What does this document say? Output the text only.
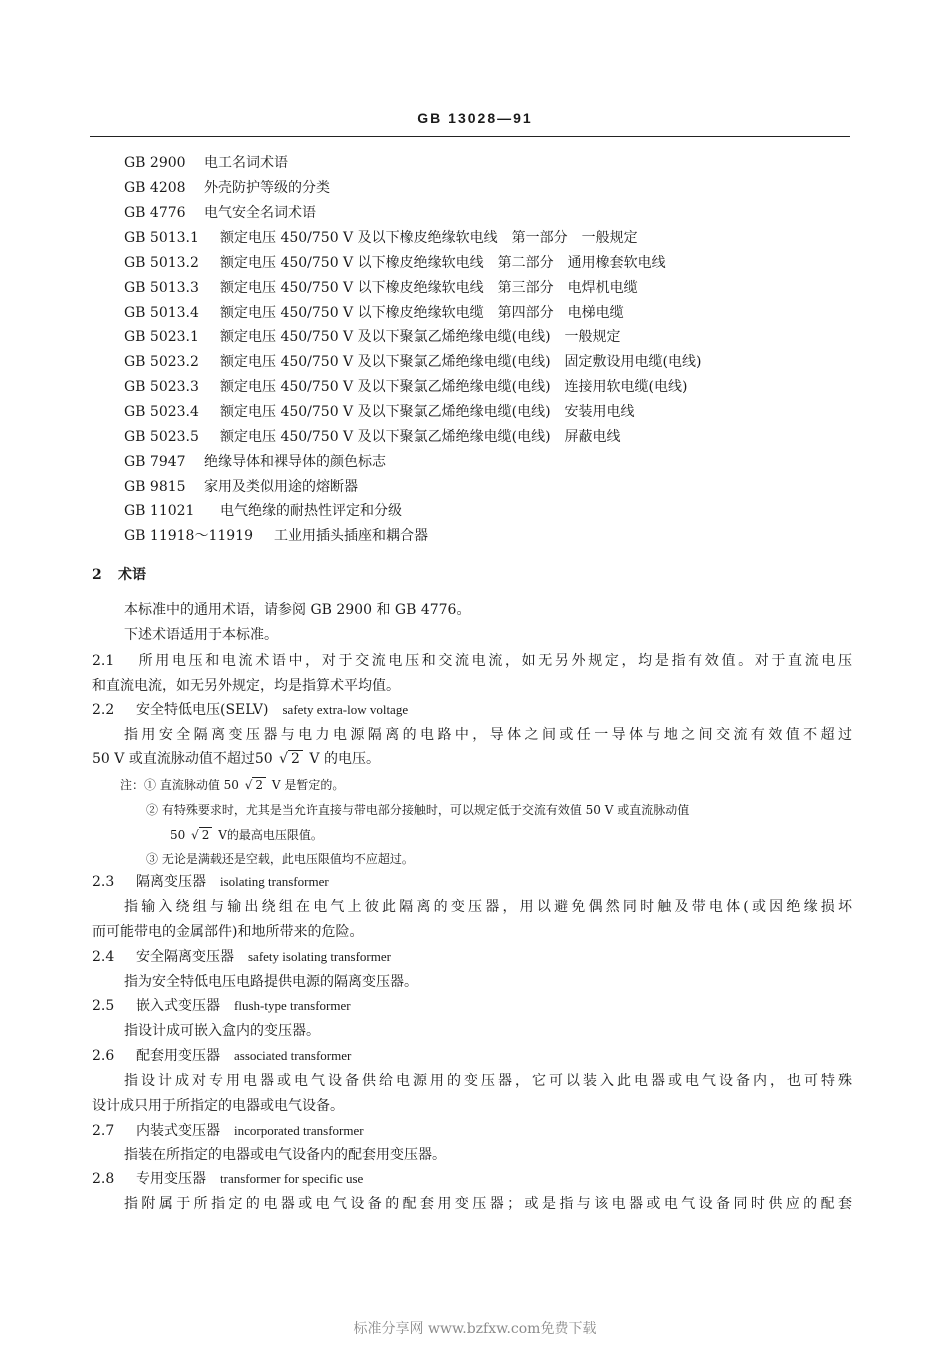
GB 13028—91
GB 2900 电工名词术语
GB 4208 外壳防护等级的分类
GB 4776 电气安全名词术语
GB 5013.1 额定电压 450/750 V 及以下橡皮绝缘软电线　第一部分　一般规定
GB 5013.2 额定电压 450/750 V 以下橡皮绝缘软电线　第二部分　通用橡套软电线
GB 5013.3 额定电压 450/750 V 以下橡皮绝缘软电线　第三部分　电焊机电缆
GB 5013.4 额定电压 450/750 V 以下橡皮绝缘软电缆　第四部分　电梯电缆
GB 5023.1 额定电压 450/750 V 及以下聚氯乙烯绝缘电缆(电线)　一般规定
GB 5023.2 额定电压 450/750 V 及以下聚氯乙烯绝缘电缆(电线)　固定敷设用电缆(电线)
GB 5023.3 额定电压 450/750 V 及以下聚氯乙烯绝缘电缆(电线)　连接用软电缆(电线)
GB 5023.4 额定电压 450/750 V 及以下聚氯乙烯绝缘电缆(电线)　安装用电线
GB 5023.5 额定电压 450/750 V 及以下聚氯乙烯绝缘电缆(电线)　屏蔽电线
GB 7947 绝缘导体和裸导体的颜色标志
GB 9815 家用及类似用途的熔断器
GB 11021 电气绝缘的耐热性评定和分级
GB 11918～11919 工业用插头插座和耦合器
2 术语
本标准中的通用术语，请参阅 GB 2900 和 GB 4776。
下述术语适用于本标准。
2.1 所用电压和电流术语中，对于交流电压和交流电流，如无另外规定，均是指有效值。对于直流电压
和直流电流，如无另外规定，均是指算术平均值。
2.2 安全特低电压(SELV) safety extra-low voltage
指用安全隔离变压器与电力电源隔离的电路中，导体之间或任一导体与地之间交流有效值不超过
50 V 或直流脉动值不超过50 √ 2 V 的电压。
注：① 直流脉动值 50 √ 2 V 是暂定的。
② 有特殊要求时，尤其是当允许直接与带电部分接触时，可以规定低于交流有效值 50 V 或直流脉动值
50 √ 2 V的最高电压限值。
③ 无论是满载还是空载，此电压限值均不应超过。
2.3 隔离变压器 isolating transformer
指输入绕组与输出绕组在电气上彼此隔离的变压器，用以避免偶然同时触及带电体(或因绝缘损坏
而可能带电的金属部件)和地所带来的危险。
2.4 安全隔离变压器 safety isolating transformer
指为安全特低电压电路提供电源的隔离变压器。
2.5 嵌入式变压器 flush-type transformer
指设计成可嵌入盒内的变压器。
2.6 配套用变压器 associated transformer
指设计成对专用电器或电气设备供给电源用的变压器，它可以装入此电器或电气设备内，也可特殊
设计成只用于所指定的电器或电气设备。
2.7 内装式变压器 incorporated transformer
指装在所指定的电器或电气设备内的配套用变压器。
2.8 专用变压器 transformer for specific use
指附属于所指定的电器或电气设备的配套用变压器；或是指与该电器或电气设备同时供应的配套
标准分享网 www.bzfxw.com免费下载
